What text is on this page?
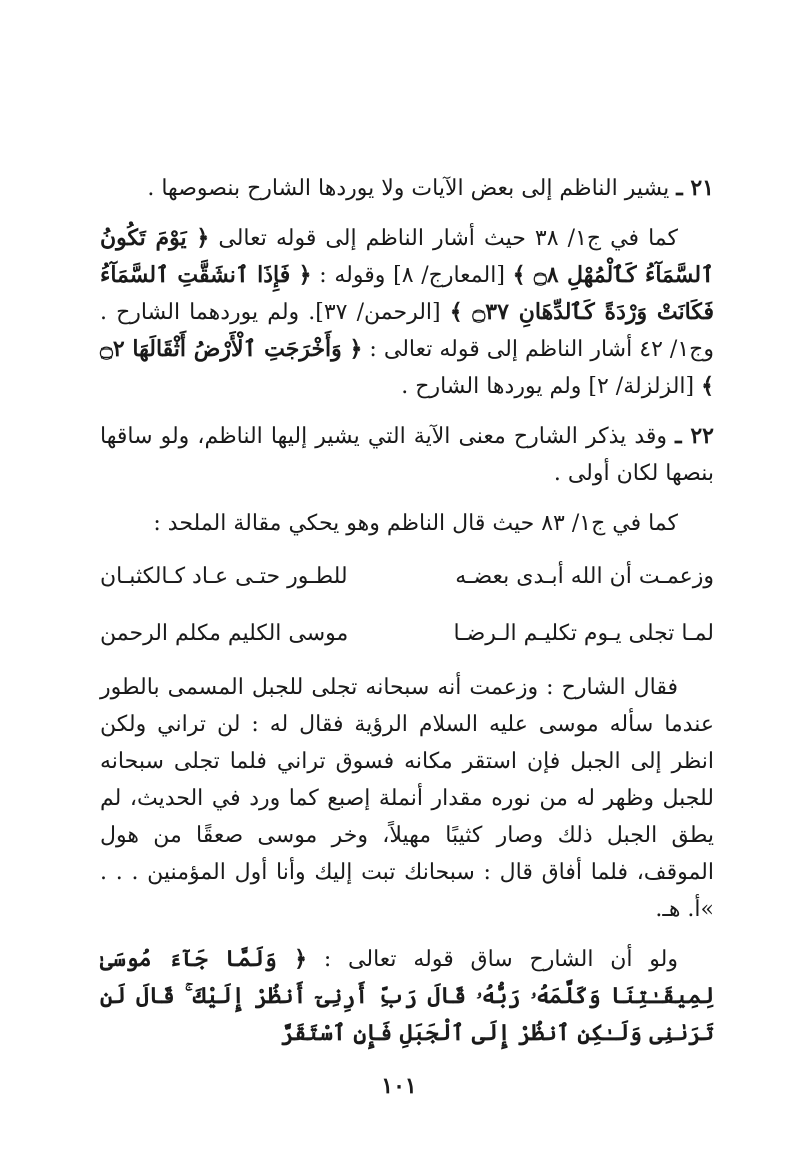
٢١ ـ يشير الناظم إلى بعض الآيات ولا يوردها الشارح بنصوصها .

كما في ج١/ ٣٨ حيث أشار الناظم إلى قوله تعالى ﴿ يَوْمَ تَكُونُ ٱلسَّمَآءُ كَٱلْمُهْلِ ۝٨ ﴾ [المعارج/ ٨] وقوله : ﴿ فَإِذَا ٱنشَقَّتِ ٱلسَّمَآءُ فَكَانَتْ وَرْدَةً كَٱلدِّهَانِ ۝٣٧ ﴾ [الرحمن/ ٣٧]. ولم يوردهما الشارح . وج١/ ٤٢ أشار الناظم إلى قوله تعالى : ﴿ وَأَخْرَجَتِ ٱلْأَرْضُ أَثْقَالَهَا ۝٢ ﴾ [الزلزلة/ ٢] ولم يوردها الشارح .

٢٢ ـ وقد يذكر الشارح معنى الآية التي يشير إليها الناظم، ولو ساقها بنصها لكان أولى .

كما في ج١/ ٨٣ حيث قال الناظم وهو يحكي مقالة الملحد :

وزعمـت أن الله أبـدى بعضـه
للطـور حتـى عـاد كـالكثبـان
لمـا تجلى يـوم تكليـم الـرضـا
موسى الكليم مكلم الرحمن

فقال الشارح : وزعمت أنه سبحانه تجلى للجبل المسمى بالطور عندما سأله موسى عليه السلام الرؤية فقال له : لن تراني ولكن انظر إلى الجبل فإن استقر مكانه فسوق تراني فلما تجلى سبحانه للجبل وظهر له من نوره مقدار أنملة إصبع كما ورد في الحديث، لم يطق الجبل ذلك وصار كثيبًا مهيلاً، وخر موسى صعقًا من هول الموقف، فلما أفاق قال : سبحانك تبت إليك وأنا أول المؤمنين . . . »أ. هـ.

ولو أن الشارح ساق قوله تعالى : ﴿ وَلَمَّا جَآءَ مُوسَىٰ لِمِيقَـٰتِنَا وَكَلَّمَهُۥ رَبُّهُۥ قَالَ رَبِّ أَرِنِىٓ أَنظُرْ إِلَيْكَ ۚ قَالَ لَن تَرَىٰنِى وَلَـٰكِنِ ٱنظُرْ إِلَى ٱلْجَبَلِ فَإِنِ ٱسْتَقَرَّ

١٠١
